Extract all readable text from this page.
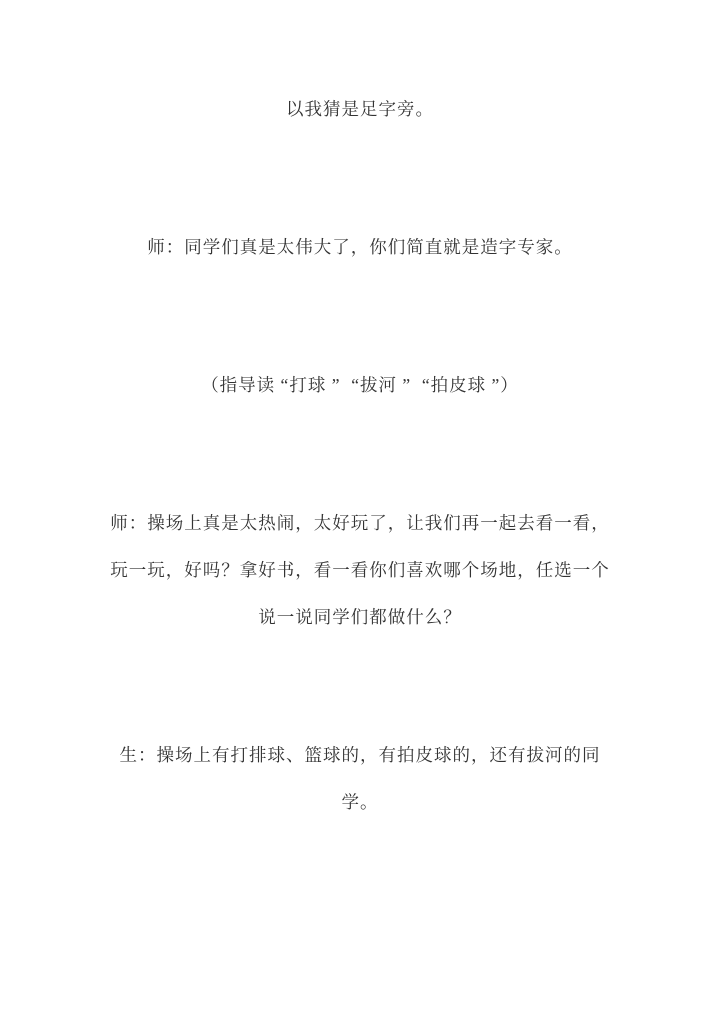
以我猜是足字旁。

师：同学们真是太伟大了，你们简直就是造字专家。

（指导读 “打球 ”  “拔河 ”  “拍皮球 ”）

师：操场上真是太热闹，太好玩了，让我们再一起去看一看，
玩一玩，好吗？拿好书，看一看你们喜欢哪个场地，任选一个
说一说同学们都做什么？

生：操场上有打排球、篮球的，有拍皮球的，还有拔河的同
学。
